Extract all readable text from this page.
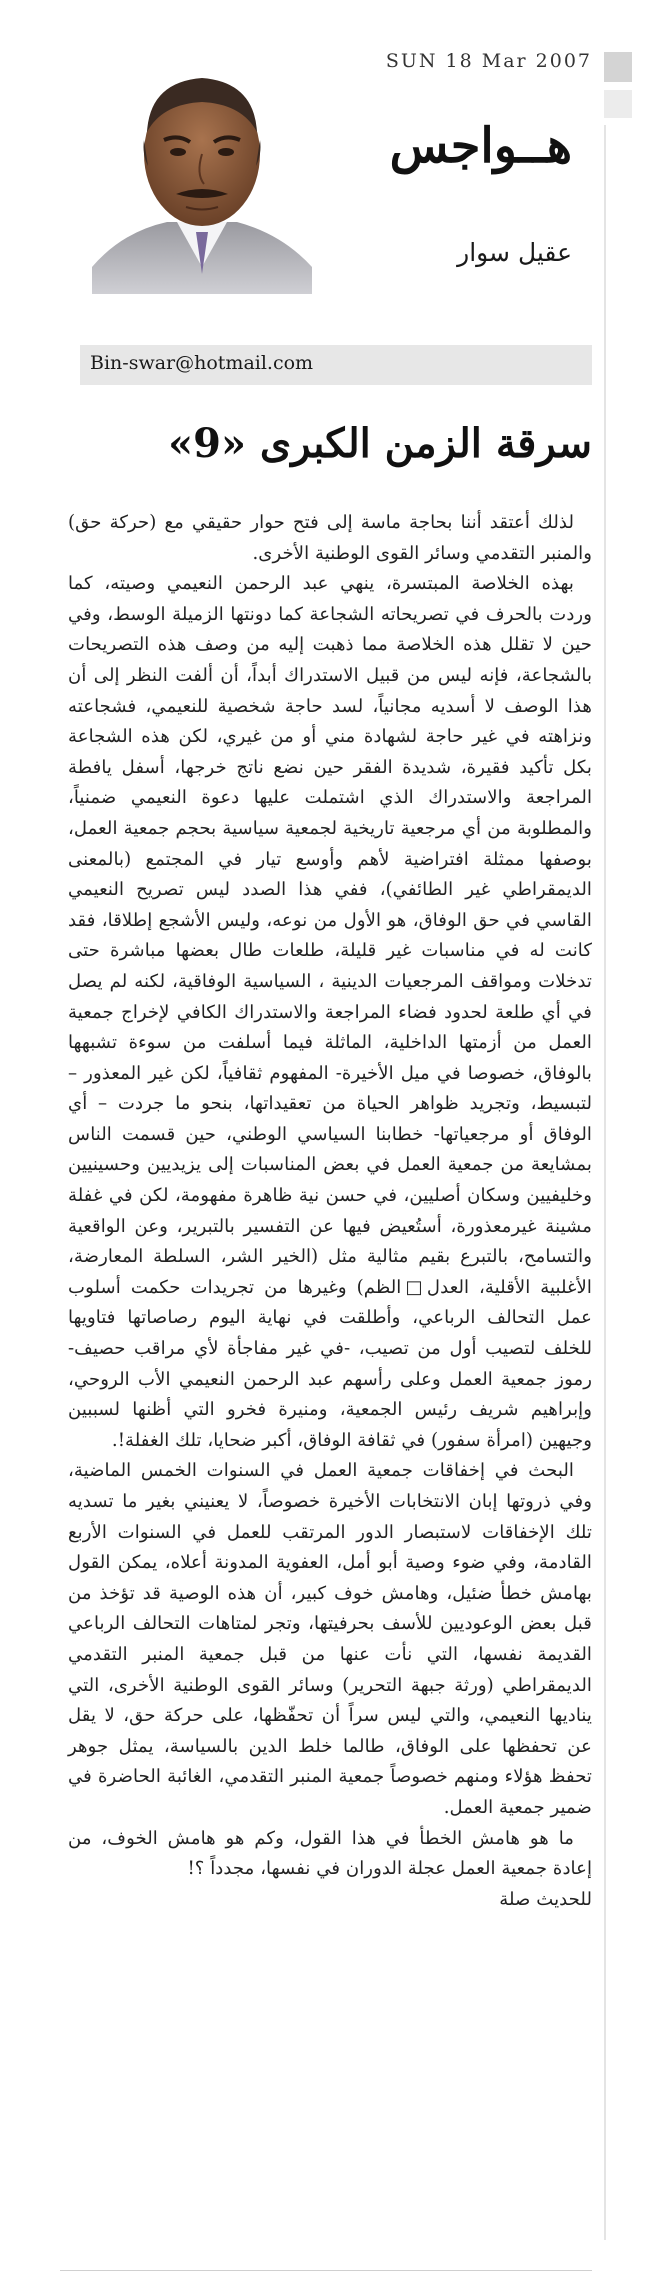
SUN 18 Mar 2007
هــواجس
عقيل سوار
Bin-swar@hotmail.com
سرقة الزمن الكبرى «9»

لذلك أعتقد أننا بحاجة ماسة إلى فتح حوار حقيقي مع (حركة حق) والمنبر التقدمي وسائر القوى الوطنية الأخرى.

بهذه الخلاصة المبتسرة، ينهي عبد الرحمن النعيمي وصيته، كما وردت بالحرف في تصريحاته الشجاعة كما دونتها الزميلة الوسط، وفي حين لا تقلل هذه الخلاصة مما ذهبت إليه من وصف هذه التصريحات بالشجاعة، فإنه ليس من قبيل الاستدراك أبداً، أن ألفت النظر إلى أن هذا الوصف لا أسديه مجانياً، لسد حاجة شخصية للنعيمي، فشجاعته ونزاهته في غير حاجة لشهادة مني أو من غيري، لكن هذه الشجاعة بكل تأكيد فقيرة، شديدة الفقر حين نضع ناتج خرجها، أسفل يافطة المراجعة والاستدراك الذي اشتملت عليها دعوة النعيمي ضمنياً، والمطلوبة من أي مرجعية تاريخية لجمعية سياسية بحجم جمعية العمل، بوصفها ممثلة افتراضية لأهم وأوسع تيار في المجتمع (بالمعنى الديمقراطي غير الطائفي)، ففي هذا الصدد ليس تصريح النعيمي القاسي في حق الوفاق، هو الأول من نوعه، وليس الأشجع إطلاقا، فقد كانت له في مناسبات غير قليلة، طلعات طال بعضها مباشرة حتى تدخلات ومواقف المرجعيات الدينية ، السياسية الوفاقية، لكنه لم يصل في أي طلعة لحدود فضاء المراجعة والاستدراك الكافي لإخراج جمعية العمل من أزمتها الداخلية، الماثلة فيما أسلفت من سوءة تشبهها بالوفاق، خصوصا في ميل الأخيرة- المفهوم ثقافياً، لكن غير المعذور – لتبسيط، وتجريد ظواهر الحياة من تعقيداتها، بنحو ما جردت – أي الوفاق أو مرجعياتها- خطابنا السياسي الوطني، حين قسمت الناس بمشايعة من جمعية العمل في بعض المناسبات إلى يزيديين وحسينيين وخليفيين وسكان أصليين، في حسن نية ظاهرة مفهومة، لكن في غفلة مشينة غيرمعذورة، أستُعيض فيها عن التفسير بالتبرير، وعن الواقعية والتسامح، بالتبرع بقيم مثالية مثل (الخير الشر، السلطة المعارضة، الأغلبية الأقلية، العدل□الظم) وغيرها من تجريدات حكمت أسلوب عمل التحالف الرباعي، وأطلقت في نهاية اليوم رصاصاتها فتاويها للخلف لتصيب أول من تصيب، -في غير مفاجأة لأي مراقب حصيف- رموز جمعية العمل وعلى رأسهم عبد الرحمن النعيمي الأب الروحي، وإبراهيم شريف رئيس الجمعية، ومنيرة فخرو التي أظنها لسببين وجيهين (امرأة سفور) في ثقافة الوفاق، أكبر ضحايا، تلك الغفلة!.

البحث في إخفاقات جمعية العمل في السنوات الخمس الماضية، وفي ذروتها إبان الانتخابات الأخيرة خصوصاً، لا يعنيني بغير ما تسديه تلك الإخفاقات لاستبصار الدور المرتقب للعمل في السنوات الأربع القادمة، وفي ضوء وصية أبو أمل، العفوية المدونة أعلاه، يمكن القول بهامش خطأ ضئيل، وهامش خوف كبير، أن هذه الوصية قد تؤخذ من قبل بعض الوعوديين للأسف بحرفيتها، وتجر لمتاهات التحالف الرباعي القديمة نفسها، التي نأت عنها من قبل جمعية المنبر التقدمي الديمقراطي (ورثة جبهة التحرير) وسائر القوى الوطنية الأخرى، التي يناديها النعيمي، والتي ليس سراً أن تحفّظها، على حركة حق، لا يقل عن تحفظها على الوفاق، طالما خلط الدين بالسياسة، يمثل جوهر تحفظ هؤلاء ومنهم خصوصاً جمعية المنبر التقدمي، الغائبة الحاضرة في ضمير جمعية العمل.

ما هو هامش الخطأ في هذا القول، وكم هو هامش الخوف، من إعادة جمعية العمل عجلة الدوران في نفسها، مجدداً ؟!

للحديث صلة
